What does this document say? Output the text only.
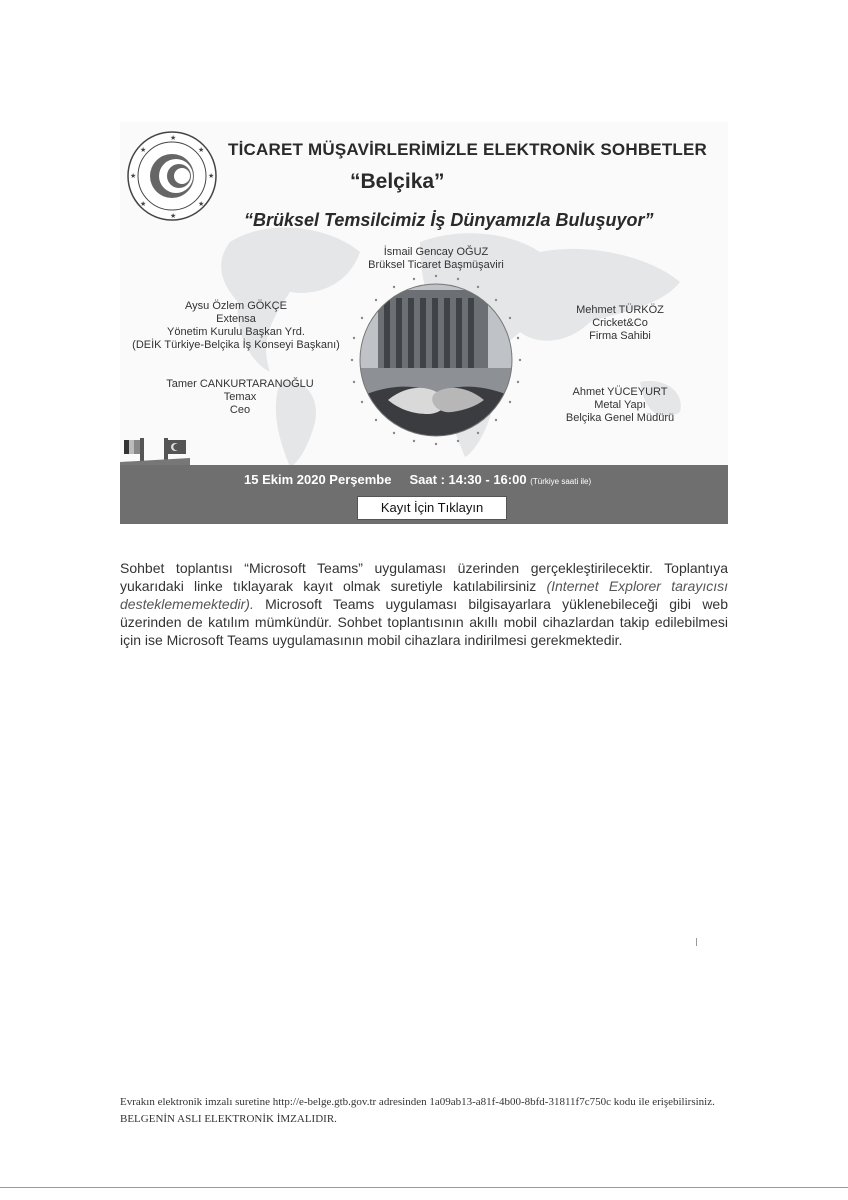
★
★
★
★
★
★
★
★	TİCARET MÜŞAVİRLERİMİZLE ELEKTRONİK SOHBETLER
“Belçika”
“Brüksel Temsilcimiz İş Dünyamızla Buluşuyor”
İsmail Gencay OĞUZ
Brüksel Ticaret Başmüşaviri
Aysu Özlem GÖKÇE
Extensa
Yönetim Kurulu Başkan Yrd.
(DEİK Türkiye-Belçika İş Konseyi Başkanı)
Tamer CANKURTARANOĞLU
Temax
Ceo
Mehmet TÜRKÖZ
Cricket&Co
Firma Sahibi
Ahmet YÜCEYURT
Metal Yapı
Belçika Genel Müdürü
15 Ekim 2020 Perşembe Saat : 14:30 - 16:00 (Türkiye saati ile)
Kayıt İçin Tıklayın
Sohbet toplantısı “Microsoft Teams” uygulaması üzerinden gerçekleştirilecektir. Toplantıya yukarıdaki linke tıklayarak kayıt olmak suretiyle katılabilirsiniz (Internet Explorer tarayıcısı desteklememektedir). Microsoft Teams uygulaması bilgisayarlara yüklenebileceği gibi web üzerinden de katılım mümkündür. Sohbet toplantısının akıllı mobil cihazlardan takip edilebilmesi için ise Microsoft Teams uygulamasının mobil cihazlara indirilmesi gerekmektedir.
Evrakın elektronik imzalı suretine http://e-belge.gtb.gov.tr adresinden 1a09ab13-a81f-4b00-8bfd-31811f7c750c kodu ile erişebilirsiniz.
BELGENİN ASLI ELEKTRONİK İMZALIDIR.
